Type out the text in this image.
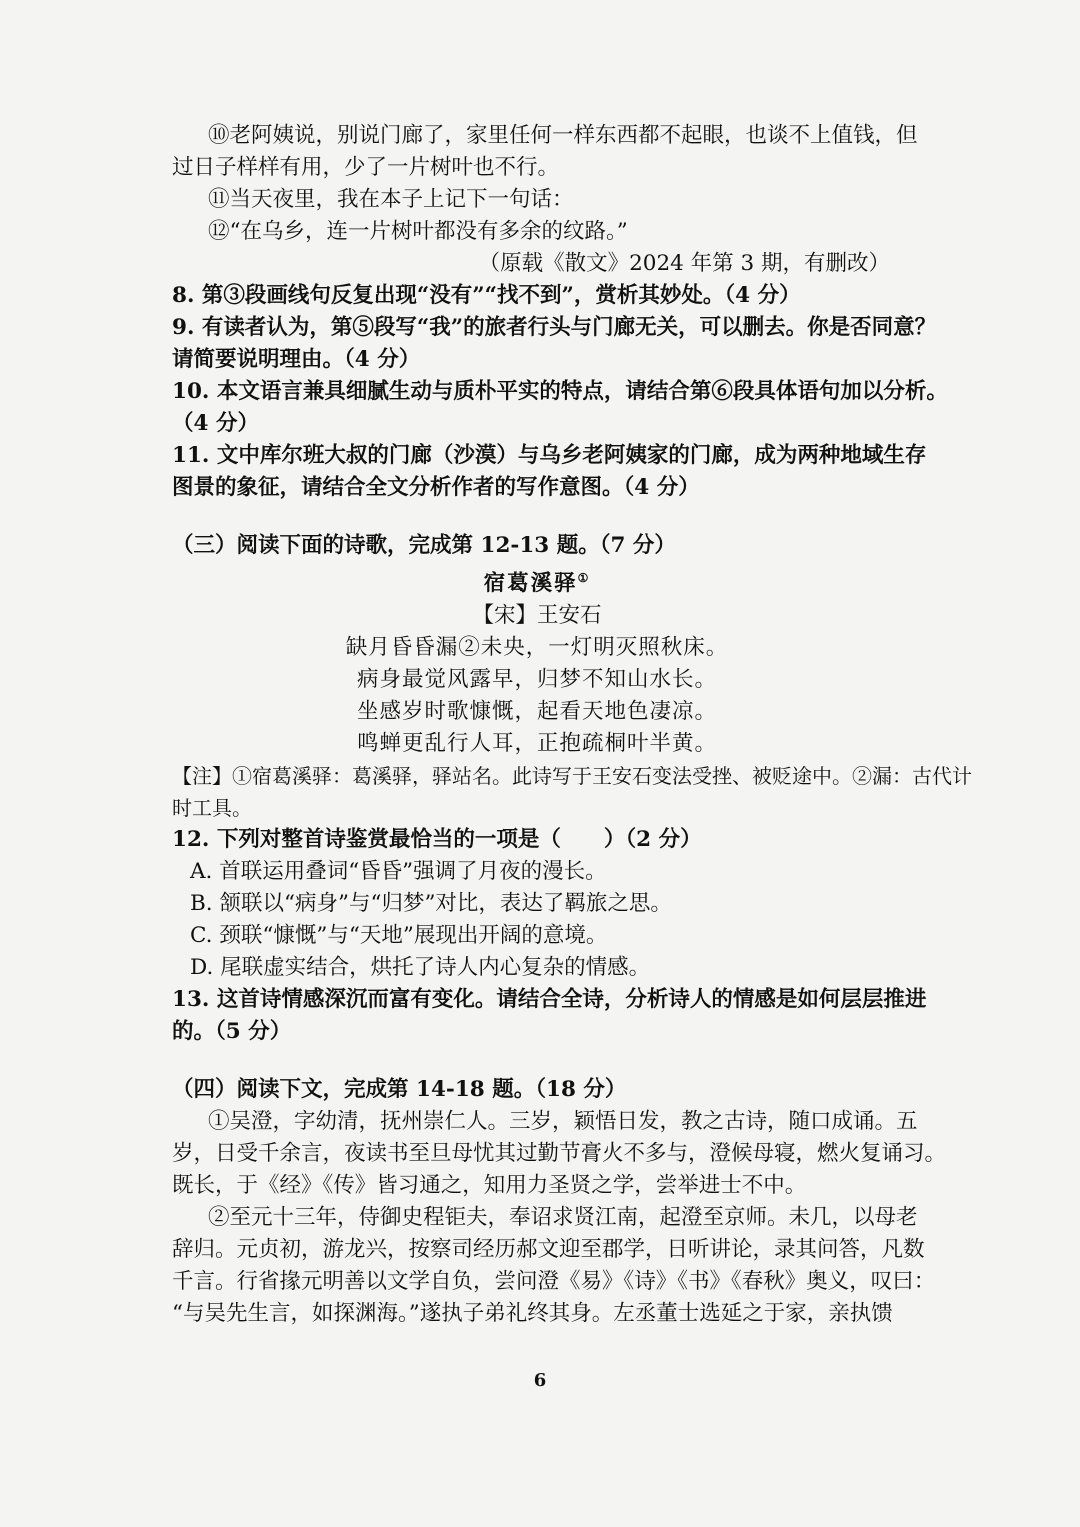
⑩老阿姨说，别说门廊了，家里任何一样东西都不起眼，也谈不上值钱，但
过日子样样有用，少了一片树叶也不行。
⑪当天夜里，我在本子上记下一句话：
⑫“在乌乡，连一片树叶都没有多余的纹路。”
（原载《散文》2024 年第 3 期，有删改）
8. 第③段画线句反复出现“没有”“找不到”，赏析其妙处。（4 分）
9. 有读者认为，第⑤段写“我”的旅者行头与门廊无关，可以删去。你是否同意？
请简要说明理由。（4 分）
10. 本文语言兼具细腻生动与质朴平实的特点，请结合第⑥段具体语句加以分析。
（4 分）
11. 文中库尔班大叔的门廊（沙漠）与乌乡老阿姨家的门廊，成为两种地域生存
图景的象征，请结合全文分析作者的写作意图。（4 分）
（三）阅读下面的诗歌，完成第 12-13 题。（7 分）
宿葛溪驿①
【宋】王安石
缺月昏昏漏②未央，一灯明灭照秋床。
病身最觉风露早，归梦不知山水长。
坐感岁时歌慷慨，起看天地色凄凉。
鸣蝉更乱行人耳，正抱疏桐叶半黄。
【注】①宿葛溪驿：葛溪驿，驿站名。此诗写于王安石变法受挫、被贬途中。②漏：古代计
时工具。
12. 下列对整首诗鉴赏最恰当的一项是（　　）（2 分）
A. 首联运用叠词“昏昏”强调了月夜的漫长。
B. 颔联以“病身”与“归梦”对比，表达了羁旅之思。
C. 颈联“慷慨”与“天地”展现出开阔的意境。
D. 尾联虚实结合，烘托了诗人内心复杂的情感。
13. 这首诗情感深沉而富有变化。请结合全诗，分析诗人的情感是如何层层推进
的。（5 分）
（四）阅读下文，完成第 14-18 题。（18 分）
①吴澄，字幼清，抚州崇仁人。三岁，颖悟日发，教之古诗，随口成诵。五
岁，日受千余言，夜读书至旦母忧其过勤节膏火不多与，澄候母寝，燃火复诵习。
既长，于《经》《传》皆习通之，知用力圣贤之学，尝举进士不中。
②至元十三年，侍御史程钜夫，奉诏求贤江南，起澄至京师。未几，以母老
辞归。元贞初，游龙兴，按察司经历郝文迎至郡学，日听讲论，录其问答，凡数
千言。行省掾元明善以文学自负，尝问澄《易》《诗》《书》《春秋》奥义，叹曰：
“与吴先生言，如探渊海。”遂执子弟礼终其身。左丞董士选延之于家，亲执馈
6
